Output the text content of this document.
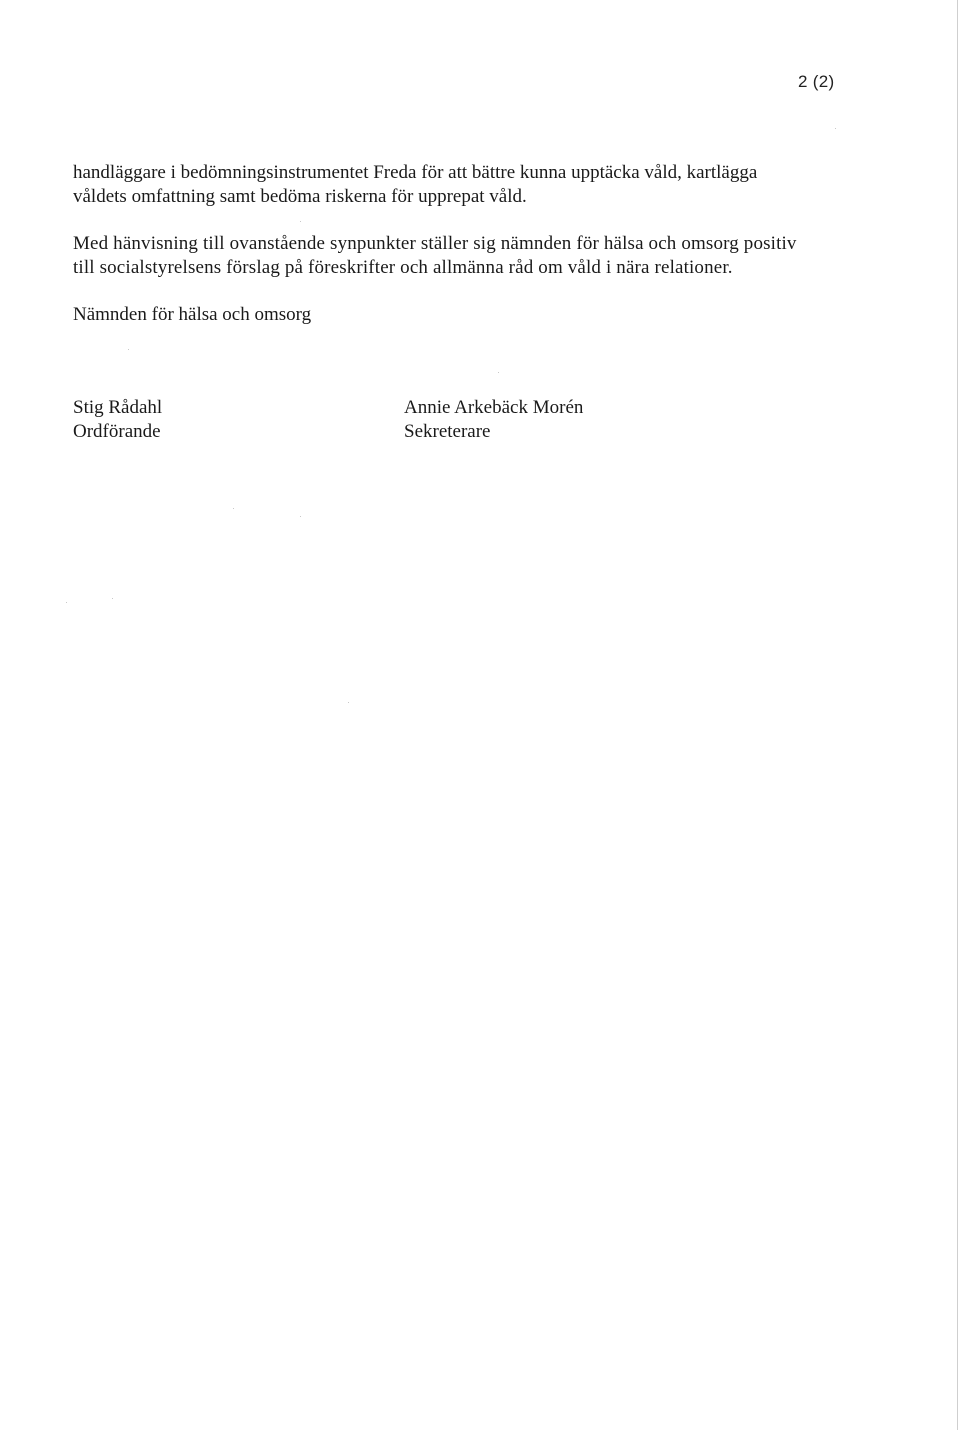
2 (2)
handläggare i bedömningsinstrumentet Freda för att bättre kunna upptäcka våld, kartlägga
våldets omfattning samt bedöma riskerna för upprepat våld.
Med hänvisning till ovanstående synpunkter ställer sig nämnden för hälsa och omsorg positiv
till socialstyrelsens förslag på föreskrifter och allmänna råd om våld i nära relationer.
Nämnden för hälsa och omsorg
Stig Rådahl
Ordförande
Annie Arkebäck Morén
Sekreterare
